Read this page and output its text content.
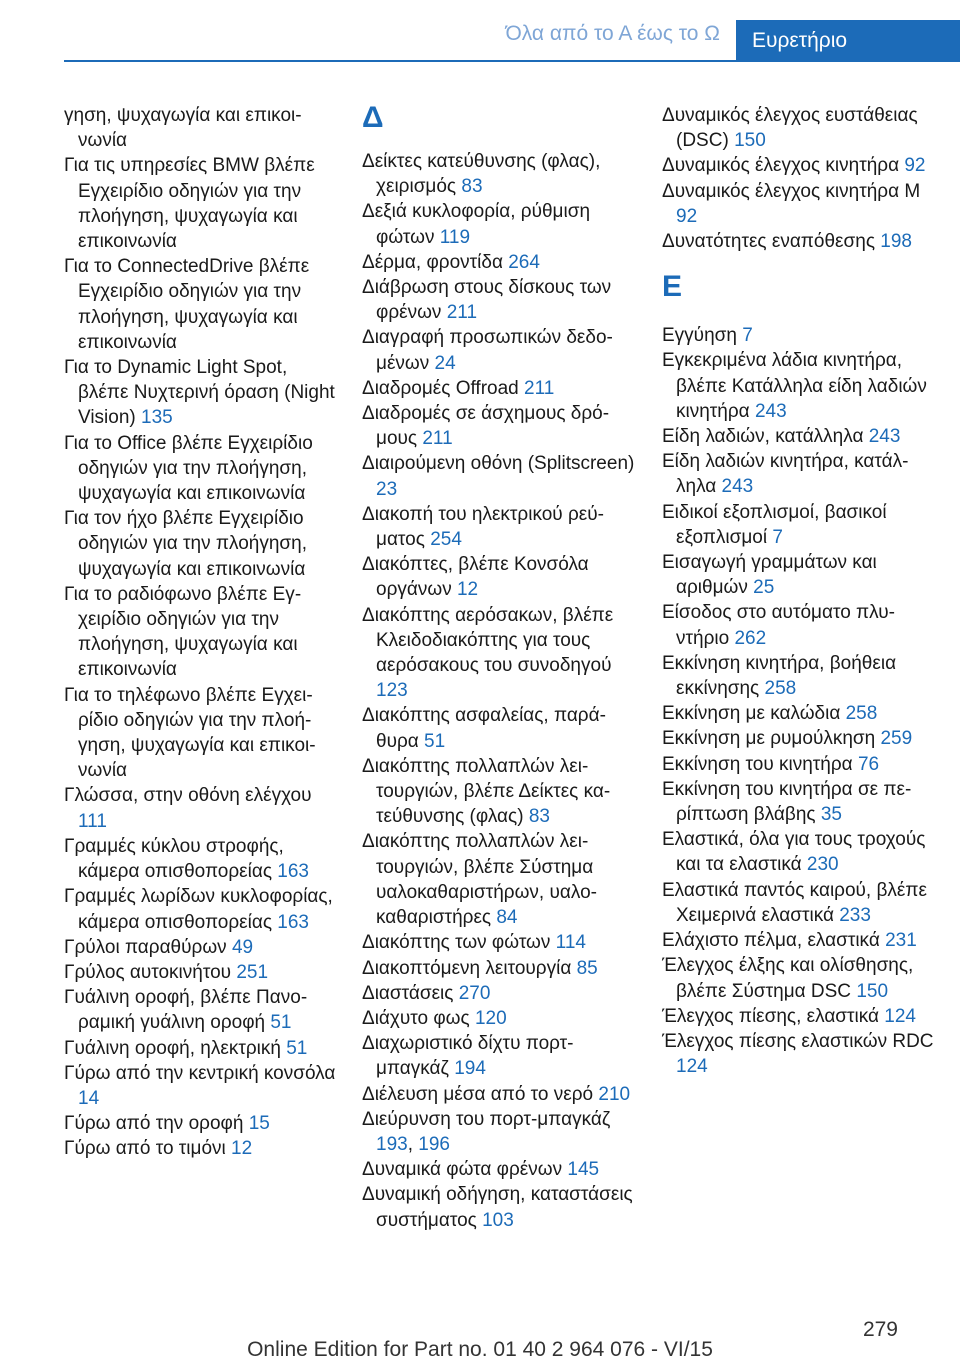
Όλα από το Α έως το Ω	Ευρετήριο

γηση, ψυχαγωγία και επικοινωνία

Για τις υπηρεσίες BMW βλέπε Εγχειρίδιο οδηγιών για την πλοήγηση, ψυχαγωγία και επικοινωνία

Για το ConnectedDrive βλέπε Εγχειρίδιο οδηγιών για την πλοήγηση, ψυχαγωγία και επικοινωνία

Για το Dynamic Light Spot, βλέπε Νυχτερινή όραση (Night Vision) 135

Για το Office βλέπε Εγχειρίδιο οδηγιών για την πλοήγηση, ψυχαγωγία και επικοινωνία

Για τον ήχο βλέπε Εγχειρίδιο οδηγιών για την πλοήγηση, ψυχαγωγία και επικοινωνία

Για το ραδιόφωνο βλέπε Εγχειρίδιο οδηγιών για την πλοήγηση, ψυχαγωγία και επικοινωνία

Για το τηλέφωνο βλέπε Εγχειρίδιο οδηγιών για την πλοήγηση, ψυχαγωγία και επικοινωνία

Γλώσσα, στην οθόνη ελέγχου 111

Γραμμές κύκλου στροφής, κάμερα οπισθοπορείας 163

Γραμμές λωρίδων κυκλοφορίας, κάμερα οπισθοπορείας 163

Γρύλοι παραθύρων 49

Γρύλος αυτοκινήτου 251

Γυάλινη οροφή, βλέπε Πανοραμική γυάλινη οροφή 51

Γυάλινη οροφή, ηλεκτρική 51

Γύρω από την κεντρική κονσόλα 14

Γύρω από την οροφή 15

Γύρω από το τιμόνι 12

Δ

Δείκτες κατεύθυνσης (φλας), χειρισμός 83

Δεξιά κυκλοφορία, ρύθμιση φώτων 119

Δέρμα, φροντίδα 264

Διάβρωση στους δίσκους των φρένων 211

Διαγραφή προσωπικών δεδομένων 24

Διαδρομές Offroad 211

Διαδρομές σε άσχημους δρόμους 211

Διαιρούμενη οθόνη (Splitscreen) 23

Διακοπή του ηλεκτρικού ρεύματος 254

Διακόπτες, βλέπε Κονσόλα οργάνων 12

Διακόπτης αερόσακων, βλέπε Κλειδοδιακόπτης για τους αερόσακους του συνοδηγού 123

Διακόπτης ασφαλείας, παράθυρα 51

Διακόπτης πολλαπλών λειτουργιών, βλέπε Δείκτες κατεύθυνσης (φλας) 83

Διακόπτης πολλαπλών λειτουργιών, βλέπε Σύστημα υαλοκαθαριστήρων, υαλοκαθαριστήρες 84

Διακόπτης των φώτων 114

Διακοπτόμενη λειτουργία 85

Διαστάσεις 270

Διάχυτο φως 120

Διαχωριστικό δίχτυ πορτ-μπαγκάζ 194

Διέλευση μέσα από το νερό 210

Διεύρυνση του πορτ-μπαγκάζ 193, 196

Δυναμικά φώτα φρένων 145

Δυναμική οδήγηση, καταστάσεις συστήματος 103

Δυναμικός έλεγχος ευστάθειας (DSC) 150

Δυναμικός έλεγχος κινητήρα 92

Δυναμικός έλεγχος κινητήρα M 92

Δυνατότητες εναπόθεσης 198

Ε

Εγγύηση 7

Εγκεκριμένα λάδια κινητήρα, βλέπε Κατάλληλα είδη λαδιών κινητήρα 243

Είδη λαδιών, κατάλληλα 243

Είδη λαδιών κινητήρα, κατάλληλα 243

Ειδικοί εξοπλισμοί, βασικοί εξοπλισμοί 7

Εισαγωγή γραμμάτων και αριθμών 25

Είσοδος στο αυτόματο πλυντήριο 262

Εκκίνηση κινητήρα, βοήθεια εκκίνησης 258

Εκκίνηση με καλώδια 258

Εκκίνηση με ρυμούλκηση 259

Εκκίνηση του κινητήρα 76

Εκκίνηση του κινητήρα σε περίπτωση βλάβης 35

Ελαστικά, όλα για τους τροχούς και τα ελαστικά 230

Ελαστικά παντός καιρού, βλέπε Χειμερινά ελαστικά 233

Ελάχιστο πέλμα, ελαστικά 231

Έλεγχος έλξης και ολίσθησης, βλέπε Σύστημα DSC 150

Έλεγχος πίεσης, ελαστικά 124

Έλεγχος πίεσης ελαστικών RDC 124

279
Online Edition for Part no. 01 40 2 964 076 - VI/15
